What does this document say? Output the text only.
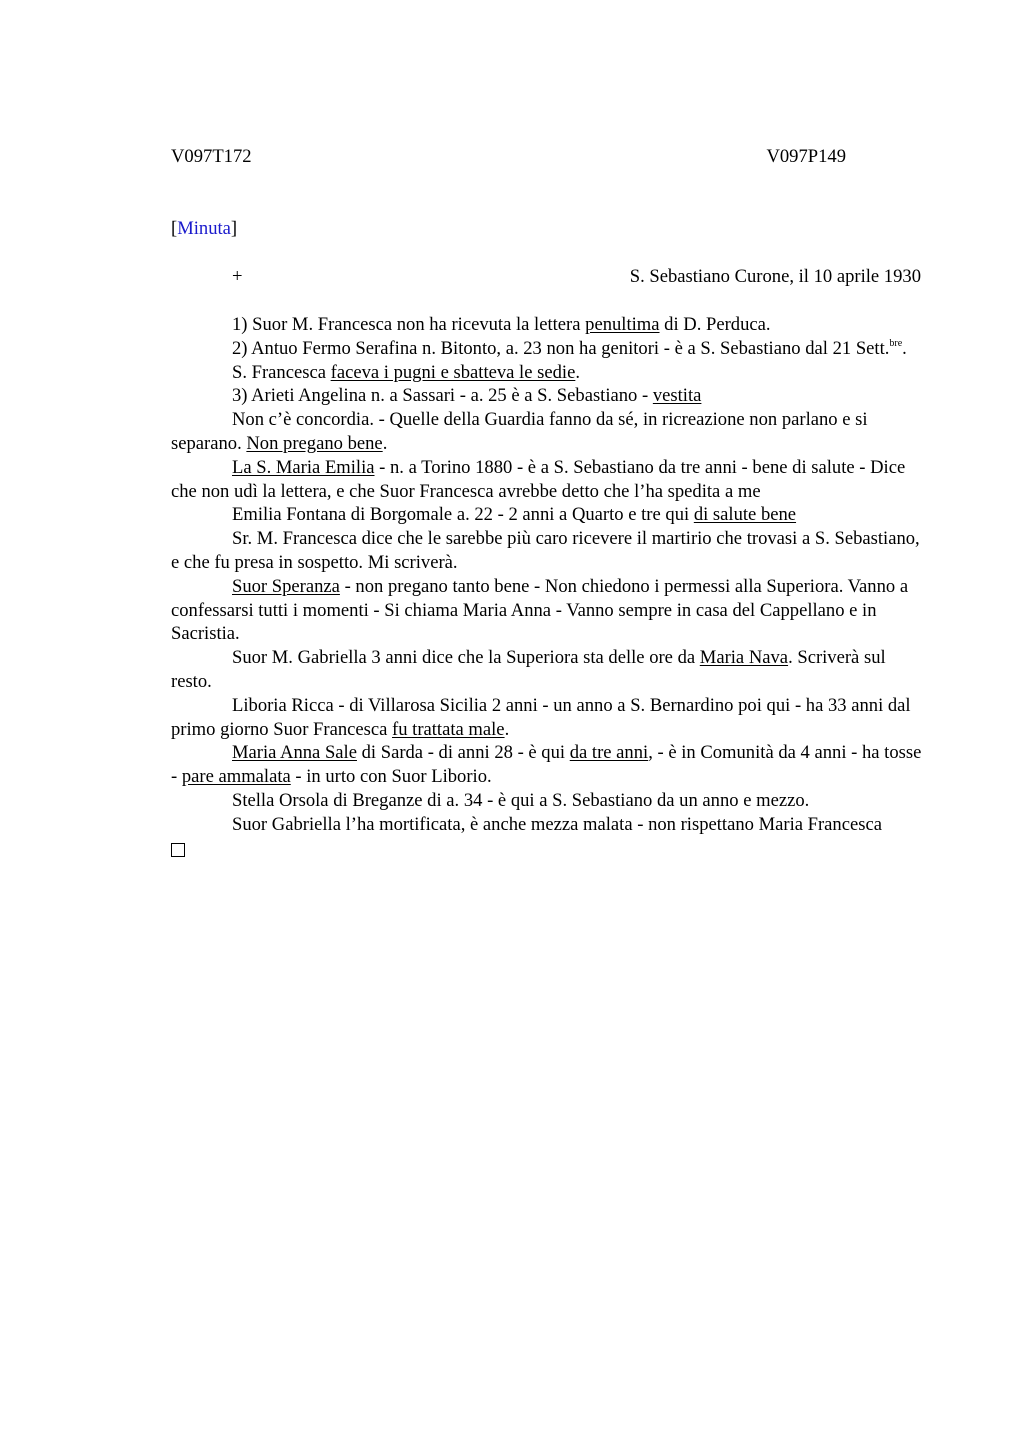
V097T172	V097P149
[Minuta]
+	S. Sebastiano Curone, il 10 aprile 1930

1) Suor M. Francesca non ha ricevuta la lettera penultima di D. Perduca.

2) Antuo Fermo Serafina n. Bitonto, a. 23 non ha genitori - è a S. Sebastiano dal 21 Sett.$^{bre}$.

S. Francesca faceva i pugni e sbatteva le sedie.

3) Arieti Angelina n. a Sassari - a. 25 è a S. Sebastiano - vestita

Non c’è concordia. - Quelle della Guardia fanno da sé, in ricreazione non parlano e si separano. Non pregano bene.

La S. Maria Emilia - n. a Torino 1880 - è a S. Sebastiano da tre anni - bene di salute - Dice che non udì la lettera, e che Suor Francesca avrebbe detto che l’ha spedita a me

Emilia Fontana di Borgomale a. 22 - 2 anni a Quarto e tre qui di salute bene

Sr. M. Francesca dice che le sarebbe più caro ricevere il martirio che trovasi a S. Sebastiano, e che fu presa in sospetto. Mi scriverà.

Suor Speranza - non pregano tanto bene - Non chiedono i permessi alla Superiora. Vanno a confessarsi tutti i momenti - Si chiama Maria Anna - Vanno sempre in casa del Cappellano e in Sacristia.

Suor M. Gabriella 3 anni dice che la Superiora sta delle ore da Maria Nava. Scriverà sul resto.

Liboria Ricca - di Villarosa Sicilia 2 anni - un anno a S. Bernardino poi qui - ha 33 anni dal primo giorno Suor Francesca fu trattata male.

Maria Anna Sale di Sarda - di anni 28 - è qui da tre anni, - è in Comunità da 4 anni - ha tosse - pare ammalata - in urto con Suor Liborio.

Stella Orsola di Breganze di a. 34 - è qui a S. Sebastiano da un anno e mezzo.

Suor Gabriella l’ha mortificata, è anche mezza malata - non rispettano Maria Francesca
